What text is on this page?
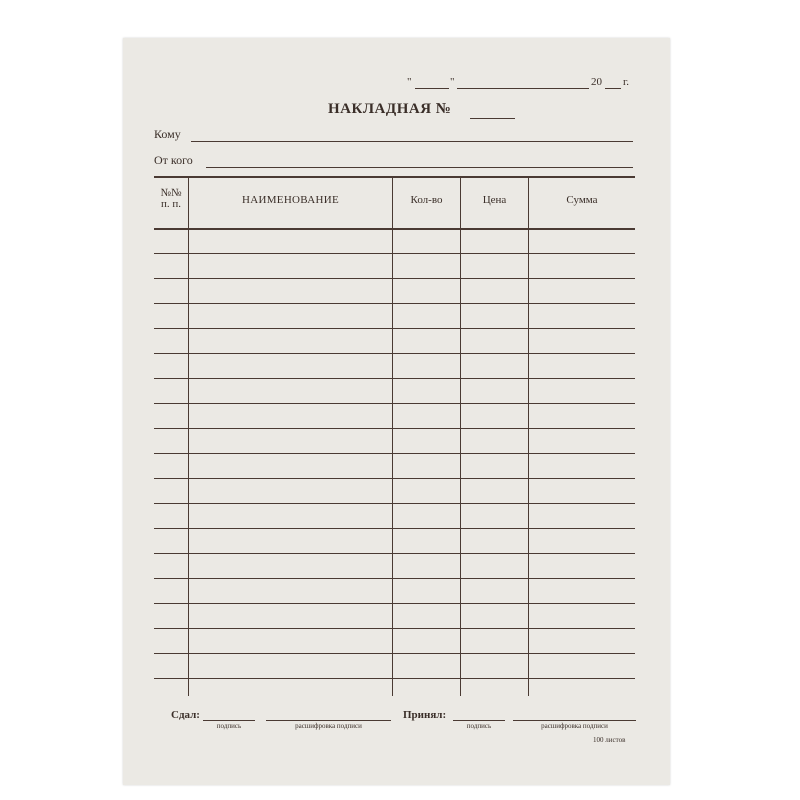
"	"	20 г.
НАКЛАДНАЯ №
Кому
От кого
№№
п. п.	НАИМЕНОВАНИЕ	Кол-во	Цена	Сумма
Сдал:
подпись	расшифровка подписи
Принял:
подпись	расшифровка подписи
100 листов
